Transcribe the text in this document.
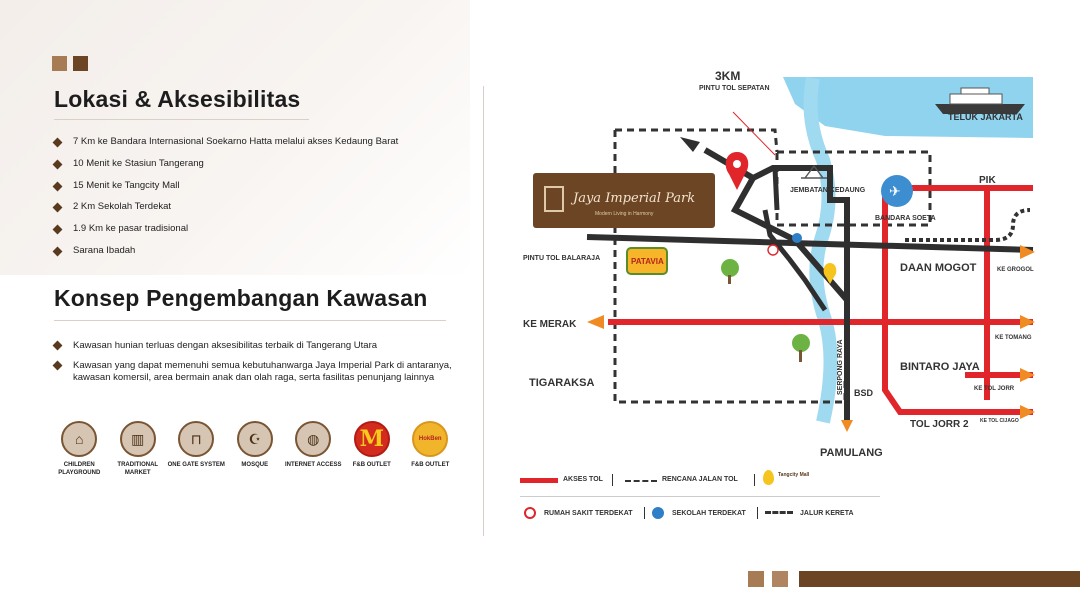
Lokasi & Aksesibilitas
7 Km ke Bandara Internasional Soekarno Hatta melalui akses Kedaung Barat
10 Menit ke Stasiun Tangerang
15 Menit ke Tangcity Mall
2 Km Sekolah Terdekat
1.9 Km ke pasar tradisional
Sarana Ibadah
Konsep Pengembangan Kawasan
Kawasan hunian terluas dengan aksesibilitas terbaik di Tangerang Utara
Kawasan yang dapat memenuhi semua kebutuhanwarga Jaya Imperial Park di antaranya, kawasan komersil, area bermain anak dan olah raga, serta fasilitas penunjang lainnya
⌂
CHILDREN PLAYGROUND
▥
TRADITIONAL MARKET
⊓
ONE GATE SYSTEM
☪
MOSQUE
◍
INTERNET ACCESS
M
F&B OUTLET
HokBen
F&B OUTLET
TELUK JAKARTA
3KM
PINTU TOL SEPATAN
Jaya Imperial Park
Modern Living in Harmony
JEMBATAN KEDAUNG ✈
BANDARA SOETA
PIK
PATAVIA
PINTU TOL BALARAJA
DAAN MOGOT	KE GROGOL
KE MERAK
KE TOMANG
BINTARO JAYA
TIGARAKSA
BSD	KE TOL JORR
TOL JORR 2 KE TOL CIJAGO
PAMULANG
SERPONG RAYA
AKSES TOL	RENCANA JALAN TOL
Tangcity Mall
RUMAH SAKIT TERDEKAT	SEKOLAH TERDEKAT	JALUR KERETA
